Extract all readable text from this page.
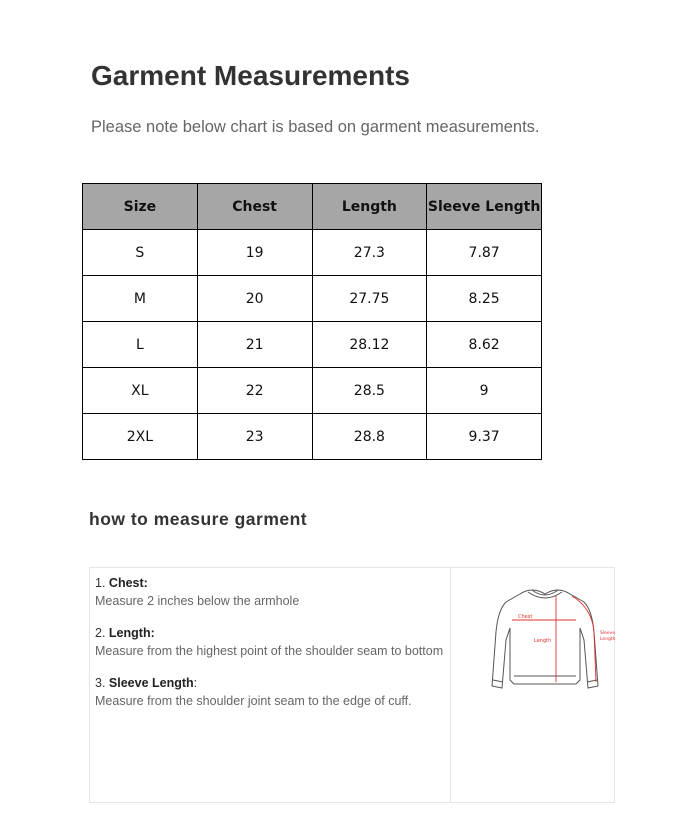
Garment Measurements
Please note below chart is based on garment measurements.
Size	Chest	Length	Sleeve Length
S	19	27.3	7.87
M	20	27.75	8.25
L	21	28.12	8.62
XL	22	28.5	9
2XL	23	28.8	9.37
how to measure garment
1. Chest:
Measure 2 inches below the armhole
2. Length:
Measure from the highest point of the shoulder seam to bottom
3. Sleeve Length:
Measure from the shoulder joint seam to the edge of cuff.
Chest
Length
Sleeve
Length
